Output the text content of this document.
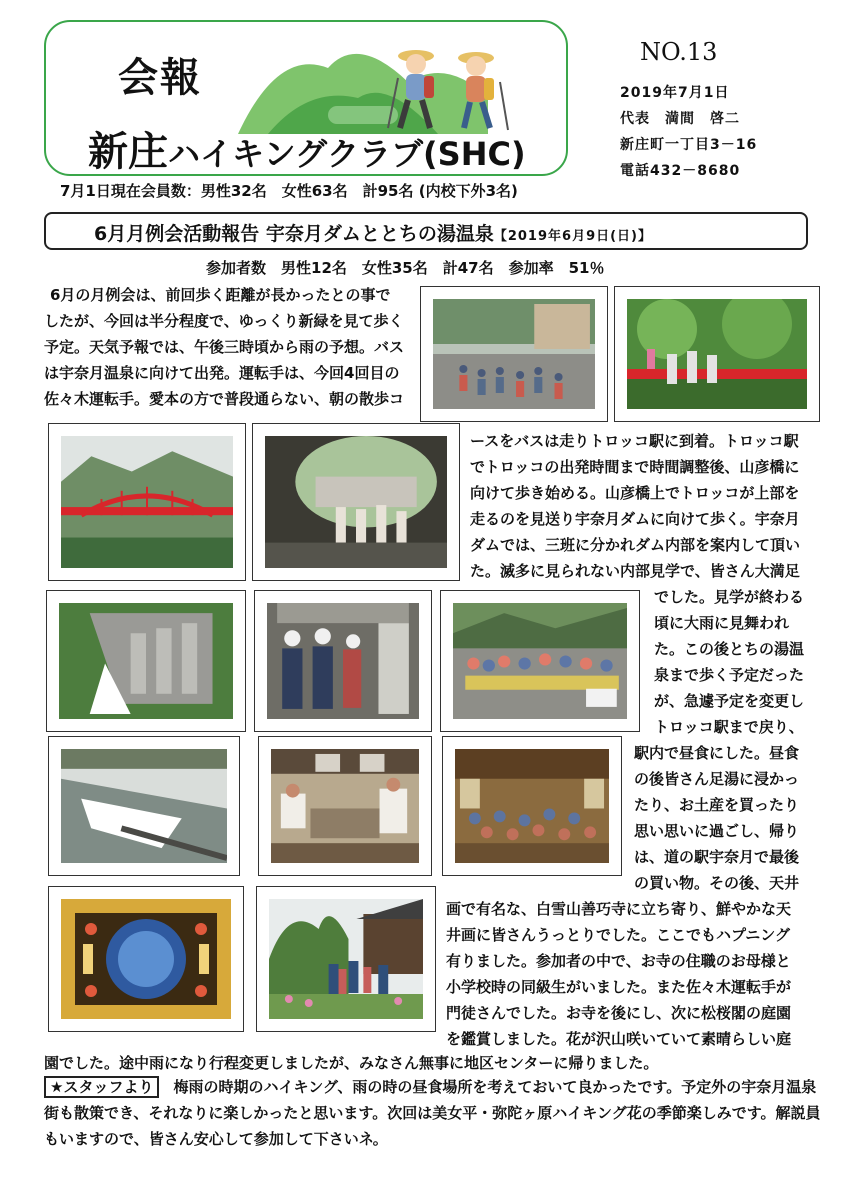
会報
新庄ハイキングクラブ(SHC)
7月1日現在会員数：男性32名　女性63名　計95名 (内校下外3名)
NO.13
2019年7月1日
代表　満間　啓二
新庄町一丁目3－16
電話432－8680
6月月例会活動報告 宇奈月ダムととちの湯温泉【2019年6月9日(日)】
参加者数　男性12名　女性35名　計47名　参加率　51％
6月の月例会は、前回歩く距離が長かったとの事で
したが、今回は半分程度で、ゆっくり新緑を見て歩く
予定。天気予報では、午後三時頃から雨の予想。バス
は宇奈月温泉に向けて出発。運転手は、今回4回目の
佐々木運転手。愛本の方で普段通らない、朝の散歩コ
ースをバスは走りトロッコ駅に到着。トロッコ駅
でトロッコの出発時間まで時間調整後、山彦橋に
向けて歩き始める。山彦橋上でトロッコが上部を
走るのを見送り宇奈月ダムに向けて歩く。宇奈月
ダムでは、三班に分かれダム内部を案内して頂い
た。滅多に見られない内部見学で、皆さん大満足
でした。見学が終わる
頃に大雨に見舞われ
た。この後とちの湯温
泉まで歩く予定だった
が、急遽予定を変更し
トロッコ駅まで戻り、
駅内で昼食にした。昼食
の後皆さん足湯に浸かっ
たり、お土産を買ったり
思い思いに過ごし、帰り
は、道の駅宇奈月で最後
の買い物。その後、天井
画で有名な、白雪山善巧寺に立ち寄り、鮮やかな天
井画に皆さんうっとりでした。ここでもハプニング
有りました。参加者の中で、お寺の住職のお母様と
小学校時の同級生がいました。また佐々木運転手が
門徒さんでした。お寺を後にし、次に松桜閣の庭園
を鑑賞しました。花が沢山咲いていて素晴らしい庭
園でした。途中雨になり行程変更しましたが、みなさん無事に地区センターに帰りました。
★スタッフより 梅雨の時期のハイキング、雨の時の昼食場所を考えておいて良かったです。予定外の宇奈月温泉
街も散策でき、それなりに楽しかったと思います。次回は美女平・弥陀ヶ原ハイキング花の季節楽しみです。解説員
もいますので、皆さん安心して参加して下さいネ。
